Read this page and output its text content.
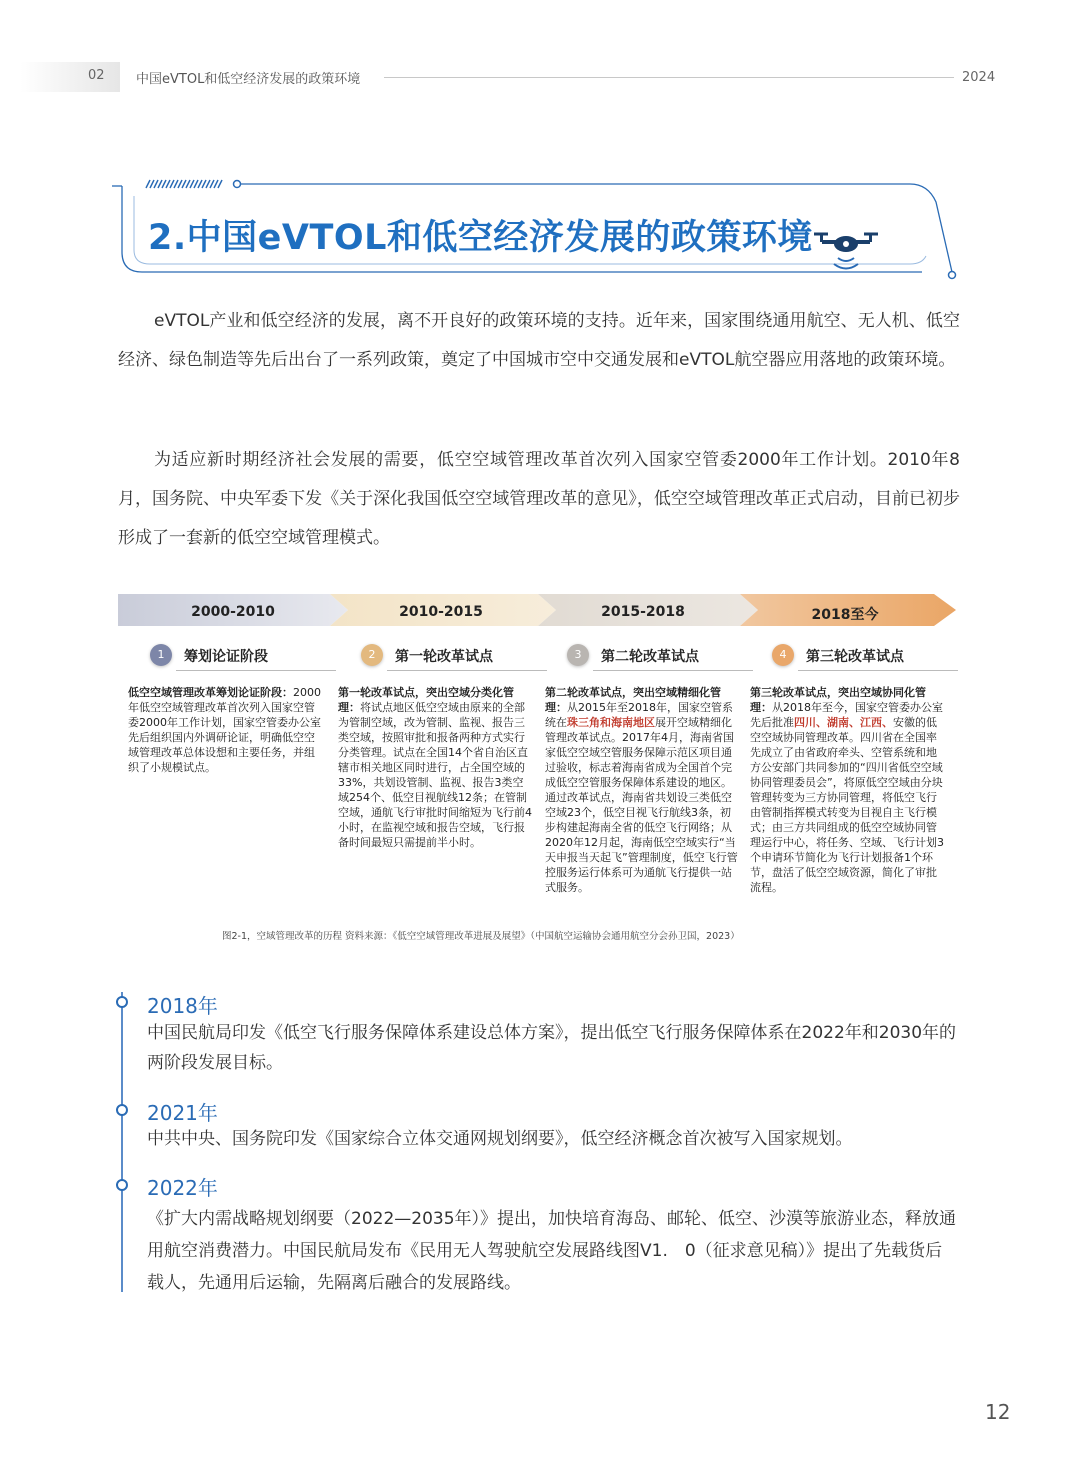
02 中国eVTOL和低空经济发展的政策环境	2024
2.中国eVTOL和低空经济发展的政策环境
eVTOL产业和低空经济的发展，离不开良好的政策环境的支持。近年来，国家围绕通用航空、无人机、低空经济、绿色制造等先后出台了一系列政策，奠定了中国城市空中交通发展和eVTOL航空器应用落地的政策环境。
为适应新时期经济社会发展的需要，低空空域管理改革首次列入国家空管委2000年工作计划。2010年8月，国务院、中央军委下发《关于深化我国低空空域管理改革的意见》，低空空域管理改革正式启动，目前已初步形成了一套新的低空空域管理模式。
2000-2010	2010-2015	2015-2018	2018至今
1	筹划论证阶段	2	第一轮改革试点	3	第二轮改革试点	4	第三轮改革试点
低空空域管理改革筹划论证阶段：2000年低空空域管理改革首次列入国家空管委2000年工作计划，国家空管委办公室先后组织国内外调研论证，明确低空空域管理改革总体设想和主要任务，并组织了小规模试点。
第一轮改革试点，突出空域分类化管理：将试点地区低空空域由原来的全部为管制空域，改为管制、监视、报告三类空域，按照审批和报备两种方式实行分类管理。试点在全国14个省自治区直辖市相关地区同时进行，占全国空域的33%，共划设管制、监视、报告3类空域254个、低空目视航线12条；在管制空域，通航飞行审批时间缩短为飞行前4小时，在监视空域和报告空域，飞行报备时间最短只需提前半小时。
第二轮改革试点，突出空域精细化管理：从2015年至2018年，国家空管系统在珠三角和海南地区展开空域精细化管理改革试点。2017年4月，海南省国家低空空域空管服务保障示范区项目通过验收，标志着海南省成为全国首个完成低空空管服务保障体系建设的地区。通过改革试点，海南省共划设三类低空空域23个，低空目视飞行航线3条，初步构建起海南全省的低空飞行网络；从2020年12月起，海南低空空域实行“当天申报当天起飞”管理制度，低空飞行管控服务运行体系可为通航飞行提供一站式服务。
第三轮改革试点，突出空域协同化管理：从2018年至今，国家空管委办公室先后批准四川、湖南、江西、安徽的低空空域协同管理改革。四川省在全国率先成立了由省政府牵头、空管系统和地方公安部门共同参加的“四川省低空空域协同管理委员会”，将原低空空域由分块管理转变为三方协同管理，将低空飞行由管制指挥模式转变为目视自主飞行模式；由三方共同组成的低空空域协同管理运行中心，将任务、空域、飞行计划3个申请环节简化为飞行计划报备1个环节，盘活了低空空域资源，简化了审批流程。
图2-1，空域管理改革的历程 资料来源：《低空空域管理改革进展及展望》（中国航空运输协会通用航空分会孙卫国，2023）
2018年
中国民航局印发《低空飞行服务保障体系建设总体方案》，提出低空飞行服务保障体系在2022年和2030年的两阶段发展目标。
2021年
中共中央、国务院印发《国家综合立体交通网规划纲要》，低空经济概念首次被写入国家规划。
2022年
《扩大内需战略规划纲要（2022—2035年）》提出，加快培育海岛、邮轮、低空、沙漠等旅游业态，释放通用航空消费潜力。中国民航局发布《民用无人驾驶航空发展路线图V1.　0（征求意见稿）》提出了先载货后载人，先通用后运输，先隔离后融合的发展路线。
12
